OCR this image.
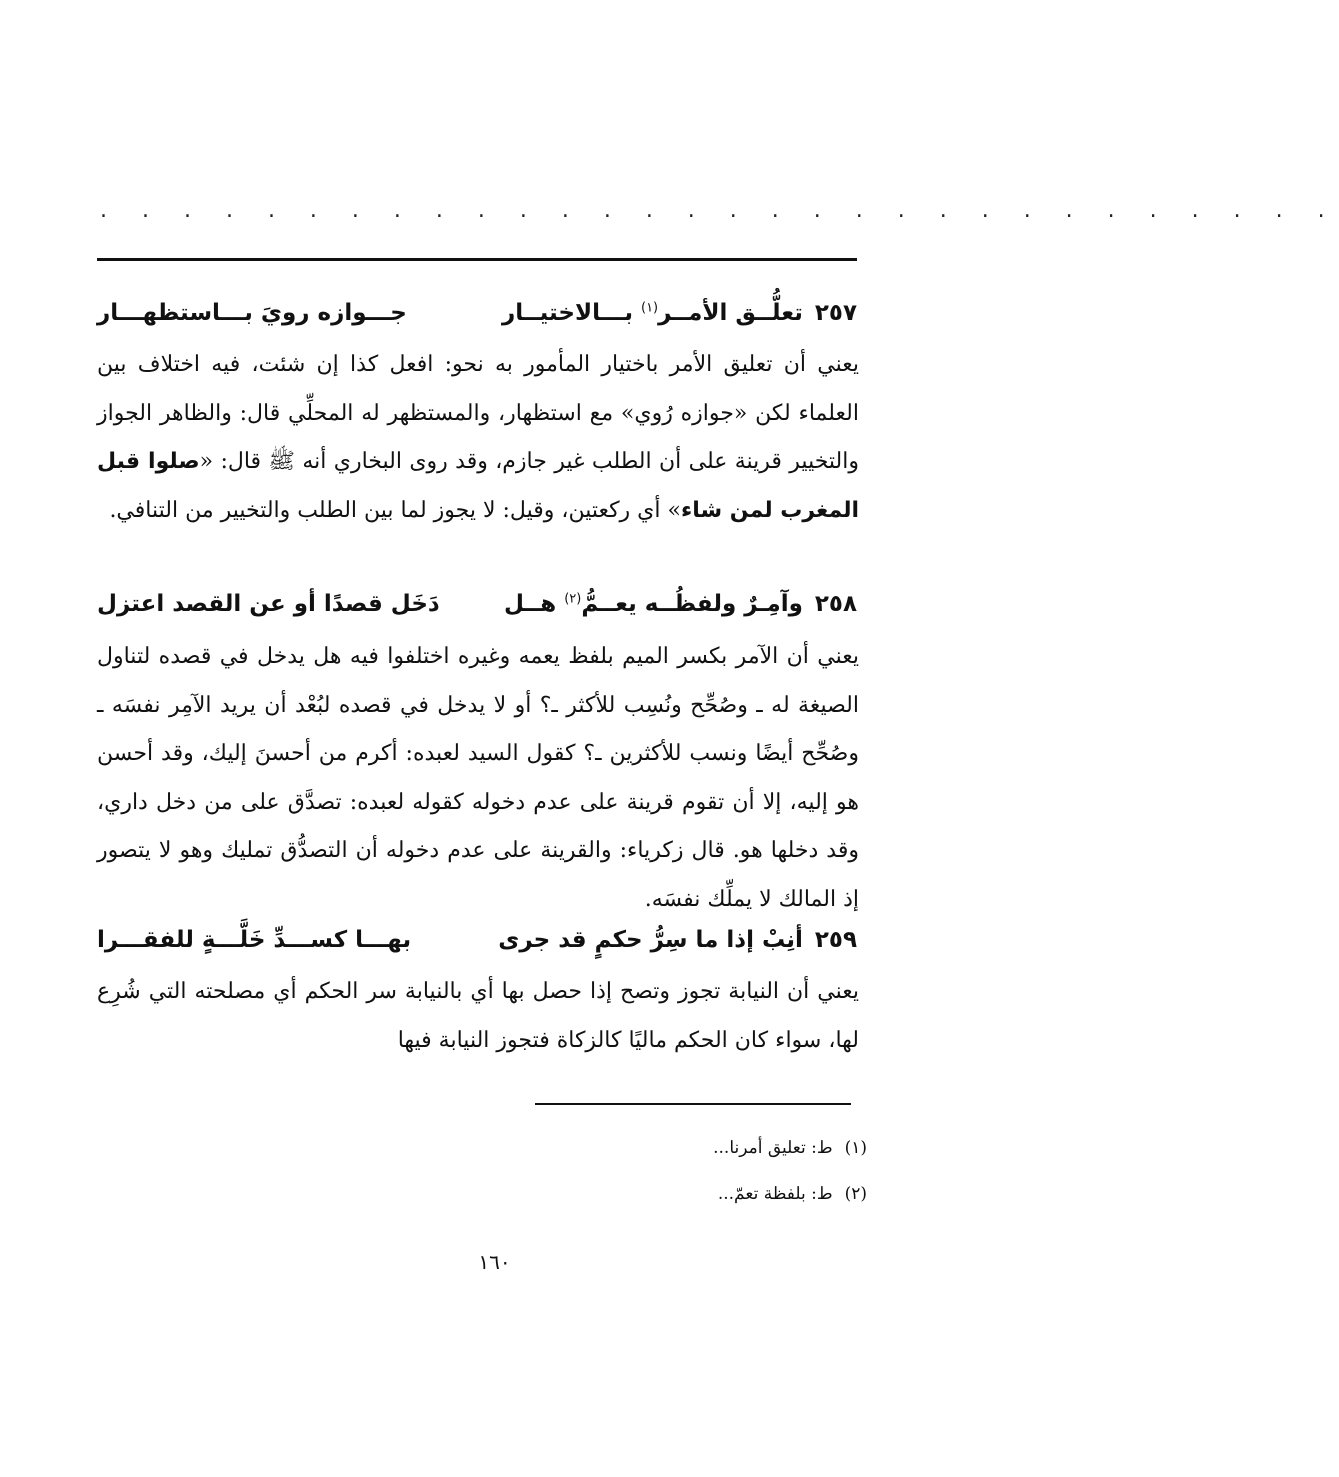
. . . . . . . . . . . . . . . . . . . . . . . . . . . . . .
٢٥٧
تعلُّــق الأمــر$^{(١)}$ بـــالاختيــار
جـــوازه رويَ بـــاستظهـــار
يعني أن تعليق الأمر باختيار المأمور به نحو: افعل كذا إن شئت، فيه اختلاف بين العلماء لكن «جوازه رُوي» مع استظهار، والمستظهر له المحلِّي قال: والظاهر الجواز والتخيير قرينة على أن الطلب غير جازم، وقد روى البخاري أنه ﷺ قال: «صلوا قبل المغرب لمن شاء» أي ركعتين، وقيل: لا يجوز لما بين الطلب والتخيير من التنافي.
٢٥٨
وآمِـرٌ ولفظُــه يعــمُّ$^{(٢)}$ هــل
دَخَل قصدًا أو عن القصد اعتزل
يعني أن الآمر بكسر الميم بلفظ يعمه وغيره اختلفوا فيه هل يدخل في قصده لتناول الصيغة له ـ وصُحِّح ونُسِب للأكثر ـ؟ أو لا يدخل في قصده لبُعْد أن يريد الآمِر نفسَه ـ وصُحِّح أيضًا ونسب للأكثرين ـ؟ كقول السيد لعبده: أكرم من أحسنَ إليك، وقد أحسن هو إليه، إلا أن تقوم قرينة على عدم دخوله كقوله لعبده: تصدَّق على من دخل داري، وقد دخلها هو. قال زكرياء: والقرينة على عدم دخوله أن التصدُّق تمليك وهو لا يتصور إذ المالك لا يملِّك نفسَه.
٢٥٩
أنِبْ إذا ما سِرُّ حكمٍ قد جرى
بهـــا كســـدِّ خَلَّـــةٍ للفقـــرا
يعني أن النيابة تجوز وتصح إذا حصل بها أي بالنيابة سر الحكم أي مصلحته التي شُرِع لها، سواء كان الحكم ماليًا كالزكاة فتجوز النيابة فيها
(١)ط: تعليق أمرنا...
(٢)ط: بلفظة تعمّ...
١٦٠
